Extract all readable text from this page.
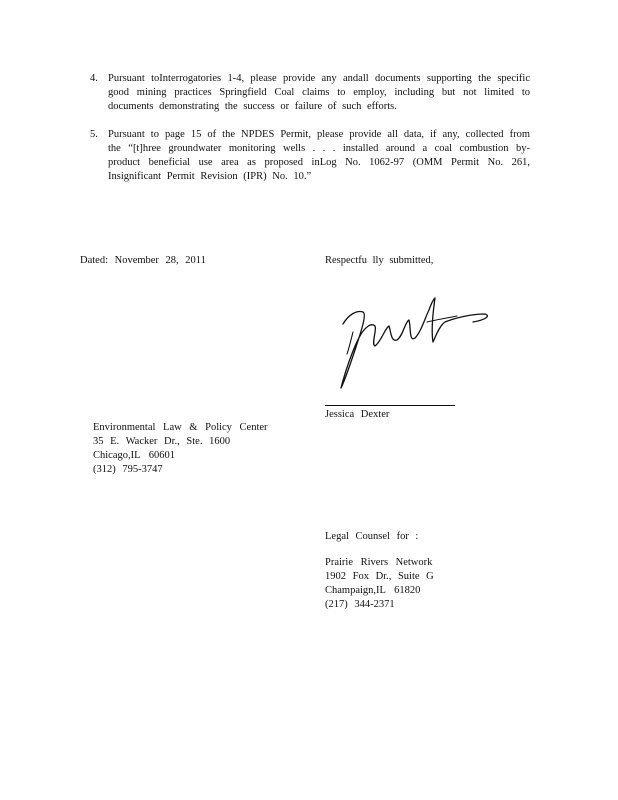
4. Pursuant toInterrogatories 1-4, please provide any andall documents supporting the specific good mining practices Springfield Coal claims to employ, including but not limited to documents demonstrating the success or failure of such efforts.
5. Pursuant to page 15 of the NPDES Permit, please provide all data, if any, collected from the “[t]hree groundwater monitoring wells . . . installed around a coal combustion by-product beneficial use area as proposed inLog No. 1062-97 (OMM Permit No. 261, Insignificant Permit Revision (IPR) No. 10.”
Dated: November 28, 2011	Respectfu lly submitted,
Jessica Dexter
Environmental Law & Policy Center
35 E. Wacker Dr., Ste. 1600
Chicago,IL 60601
(312) 795-3747
Legal Counsel for :
Prairie Rivers Network
1902 Fox Dr., Suite G
Champaign,IL 61820
(217) 344-2371
